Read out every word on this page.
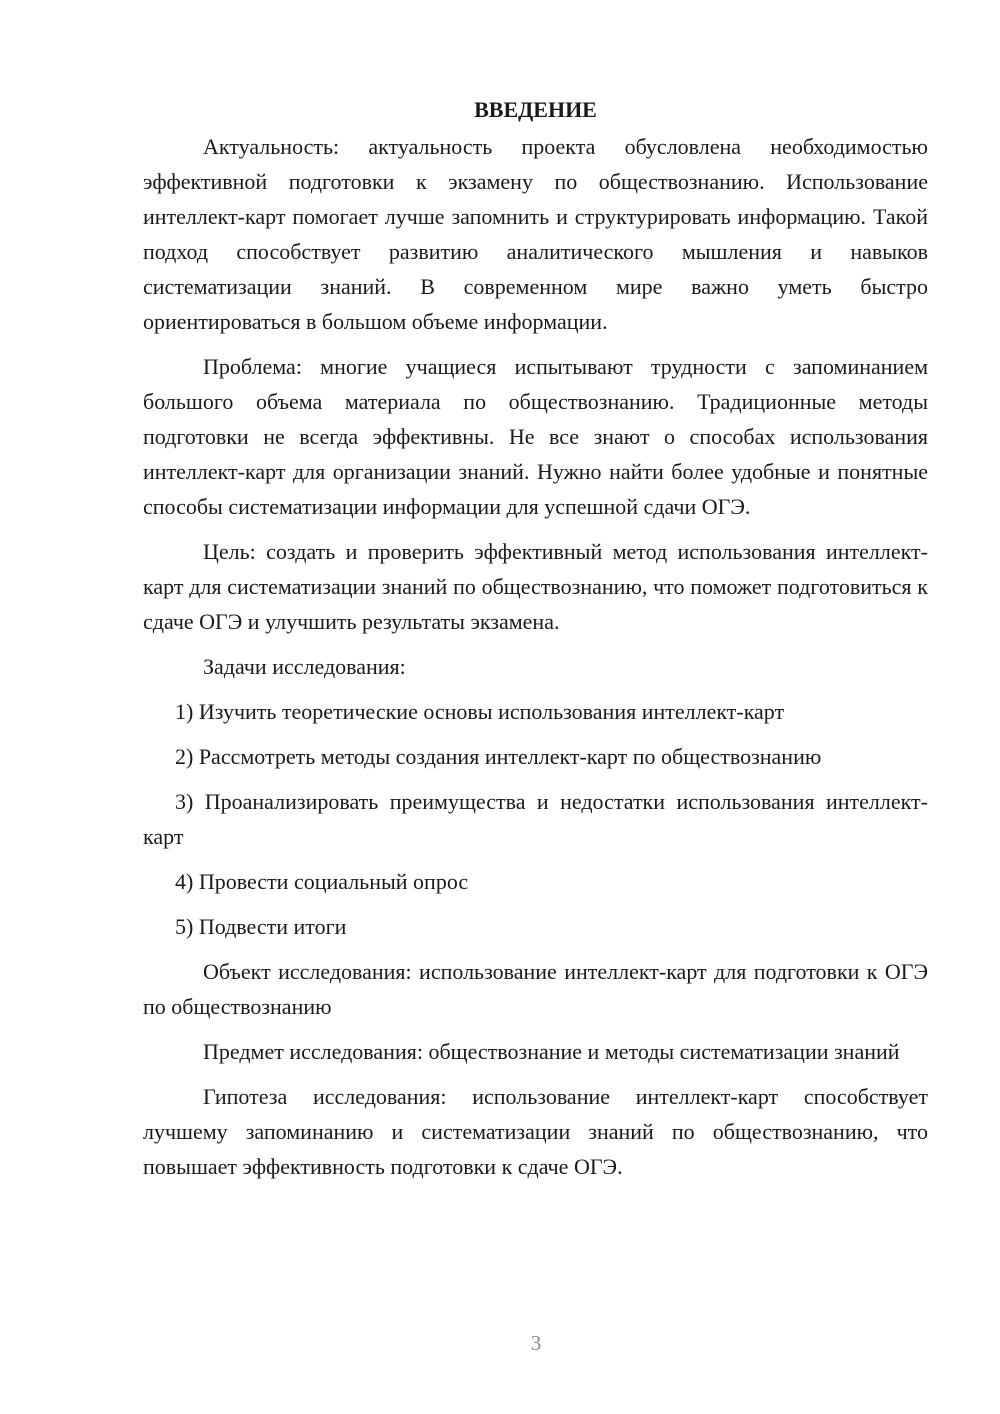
ВВЕДЕНИЕ

Актуальность: актуальность проекта обусловлена необходимостью эффективной подготовки к экзамену по обществознанию. Использование интеллект-карт помогает лучше запомнить и структурировать информацию. Такой подход способствует развитию аналитического мышления и навыков систематизации знаний. В современном мире важно уметь быстро ориентироваться в большом объеме информации.

Проблема: многие учащиеся испытывают трудности с запоминанием большого объема материала по обществознанию. Традиционные методы подготовки не всегда эффективны. Не все знают о способах использования интеллект-карт для организации знаний. Нужно найти более удобные и понятные способы систематизации информации для успешной сдачи ОГЭ.

Цель: создать и проверить эффективный метод использования интеллект-карт для систематизации знаний по обществознанию, что поможет подготовиться к сдаче ОГЭ и улучшить результаты экзамена.

Задачи исследования:

1) Изучить теоретические основы использования интеллект-карт

2) Рассмотреть методы создания интеллект-карт по обществознанию

3) Проанализировать преимущества и недостатки использования интеллект-карт

4) Провести социальный опрос

5) Подвести итоги

Объект исследования: использование интеллект-карт для подготовки к ОГЭ по обществознанию

Предмет исследования: обществознание и методы систематизации знаний

Гипотеза исследования: использование интеллект-карт способствует лучшему запоминанию и систематизации знаний по обществознанию, что повышает эффективность подготовки к сдаче ОГЭ.

3
